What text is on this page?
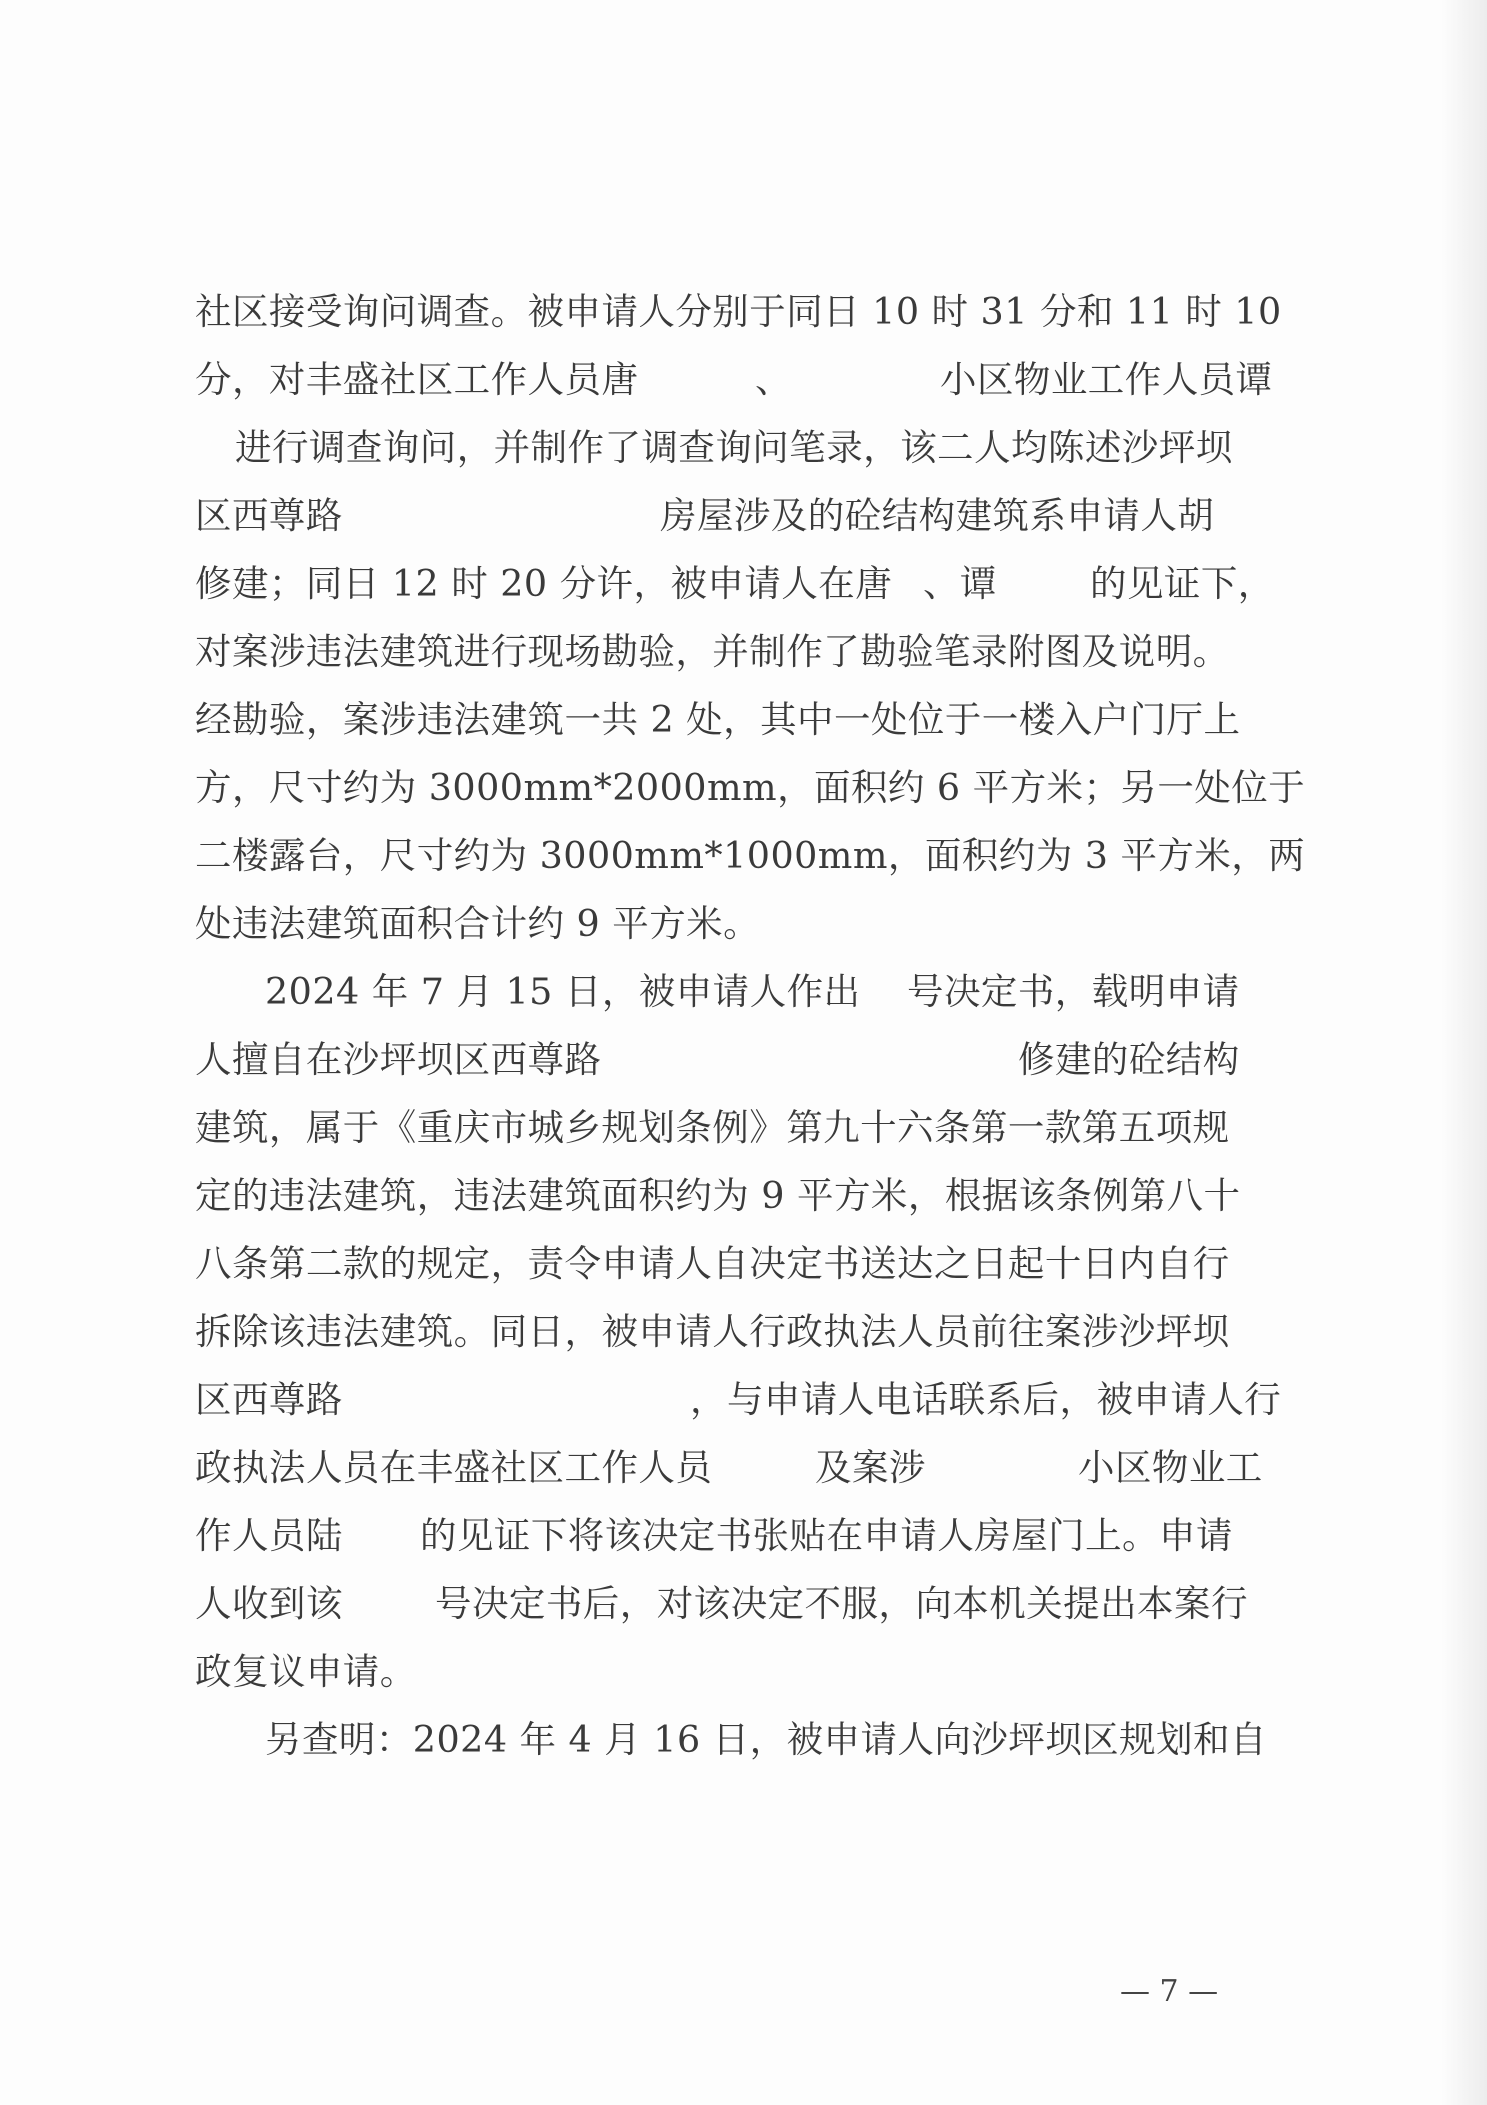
社区接受询问调查。被申请人分别于同日 10 时 31 分和 11 时 10
分，对丰盛社区工作人员唐	、	小区物业工作人员谭
进行调查询问，并制作了调查询问笔录，该二人均陈述沙坪坝
区西尊路	房屋涉及的砼结构建筑系申请人胡
修建；同日 12 时 20 分许，被申请人在唐 、谭	的见证下，
对案涉违法建筑进行现场勘验，并制作了勘验笔录附图及说明。
经勘验，案涉违法建筑一共 2 处，其中一处位于一楼入户门厅上
方，尺寸约为 3000mm*2000mm，面积约 6 平方米；另一处位于
二楼露台，尺寸约为 3000mm*1000mm，面积约为 3 平方米，两
处违法建筑面积合计约 9 平方米。
2024 年 7 月 15 日，被申请人作出 号决定书，载明申请
人擅自在沙坪坝区西尊路	修建的砼结构
建筑，属于《重庆市城乡规划条例》第九十六条第一款第五项规
定的违法建筑，违法建筑面积约为 9 平方米，根据该条例第八十
八条第二款的规定，责令申请人自决定书送达之日起十日内自行
拆除该违法建筑。同日，被申请人行政执法人员前往案涉沙坪坝
区西尊路	，与申请人电话联系后，被申请人行
政执法人员在丰盛社区工作人员	及案涉	小区物业工
作人员陆 的见证下将该决定书张贴在申请人房屋门上。申请
人收到该	号决定书后，对该决定不服，向本机关提出本案行
政复议申请。
另查明：2024 年 4 月 16 日，被申请人向沙坪坝区规划和自
— 7 —
